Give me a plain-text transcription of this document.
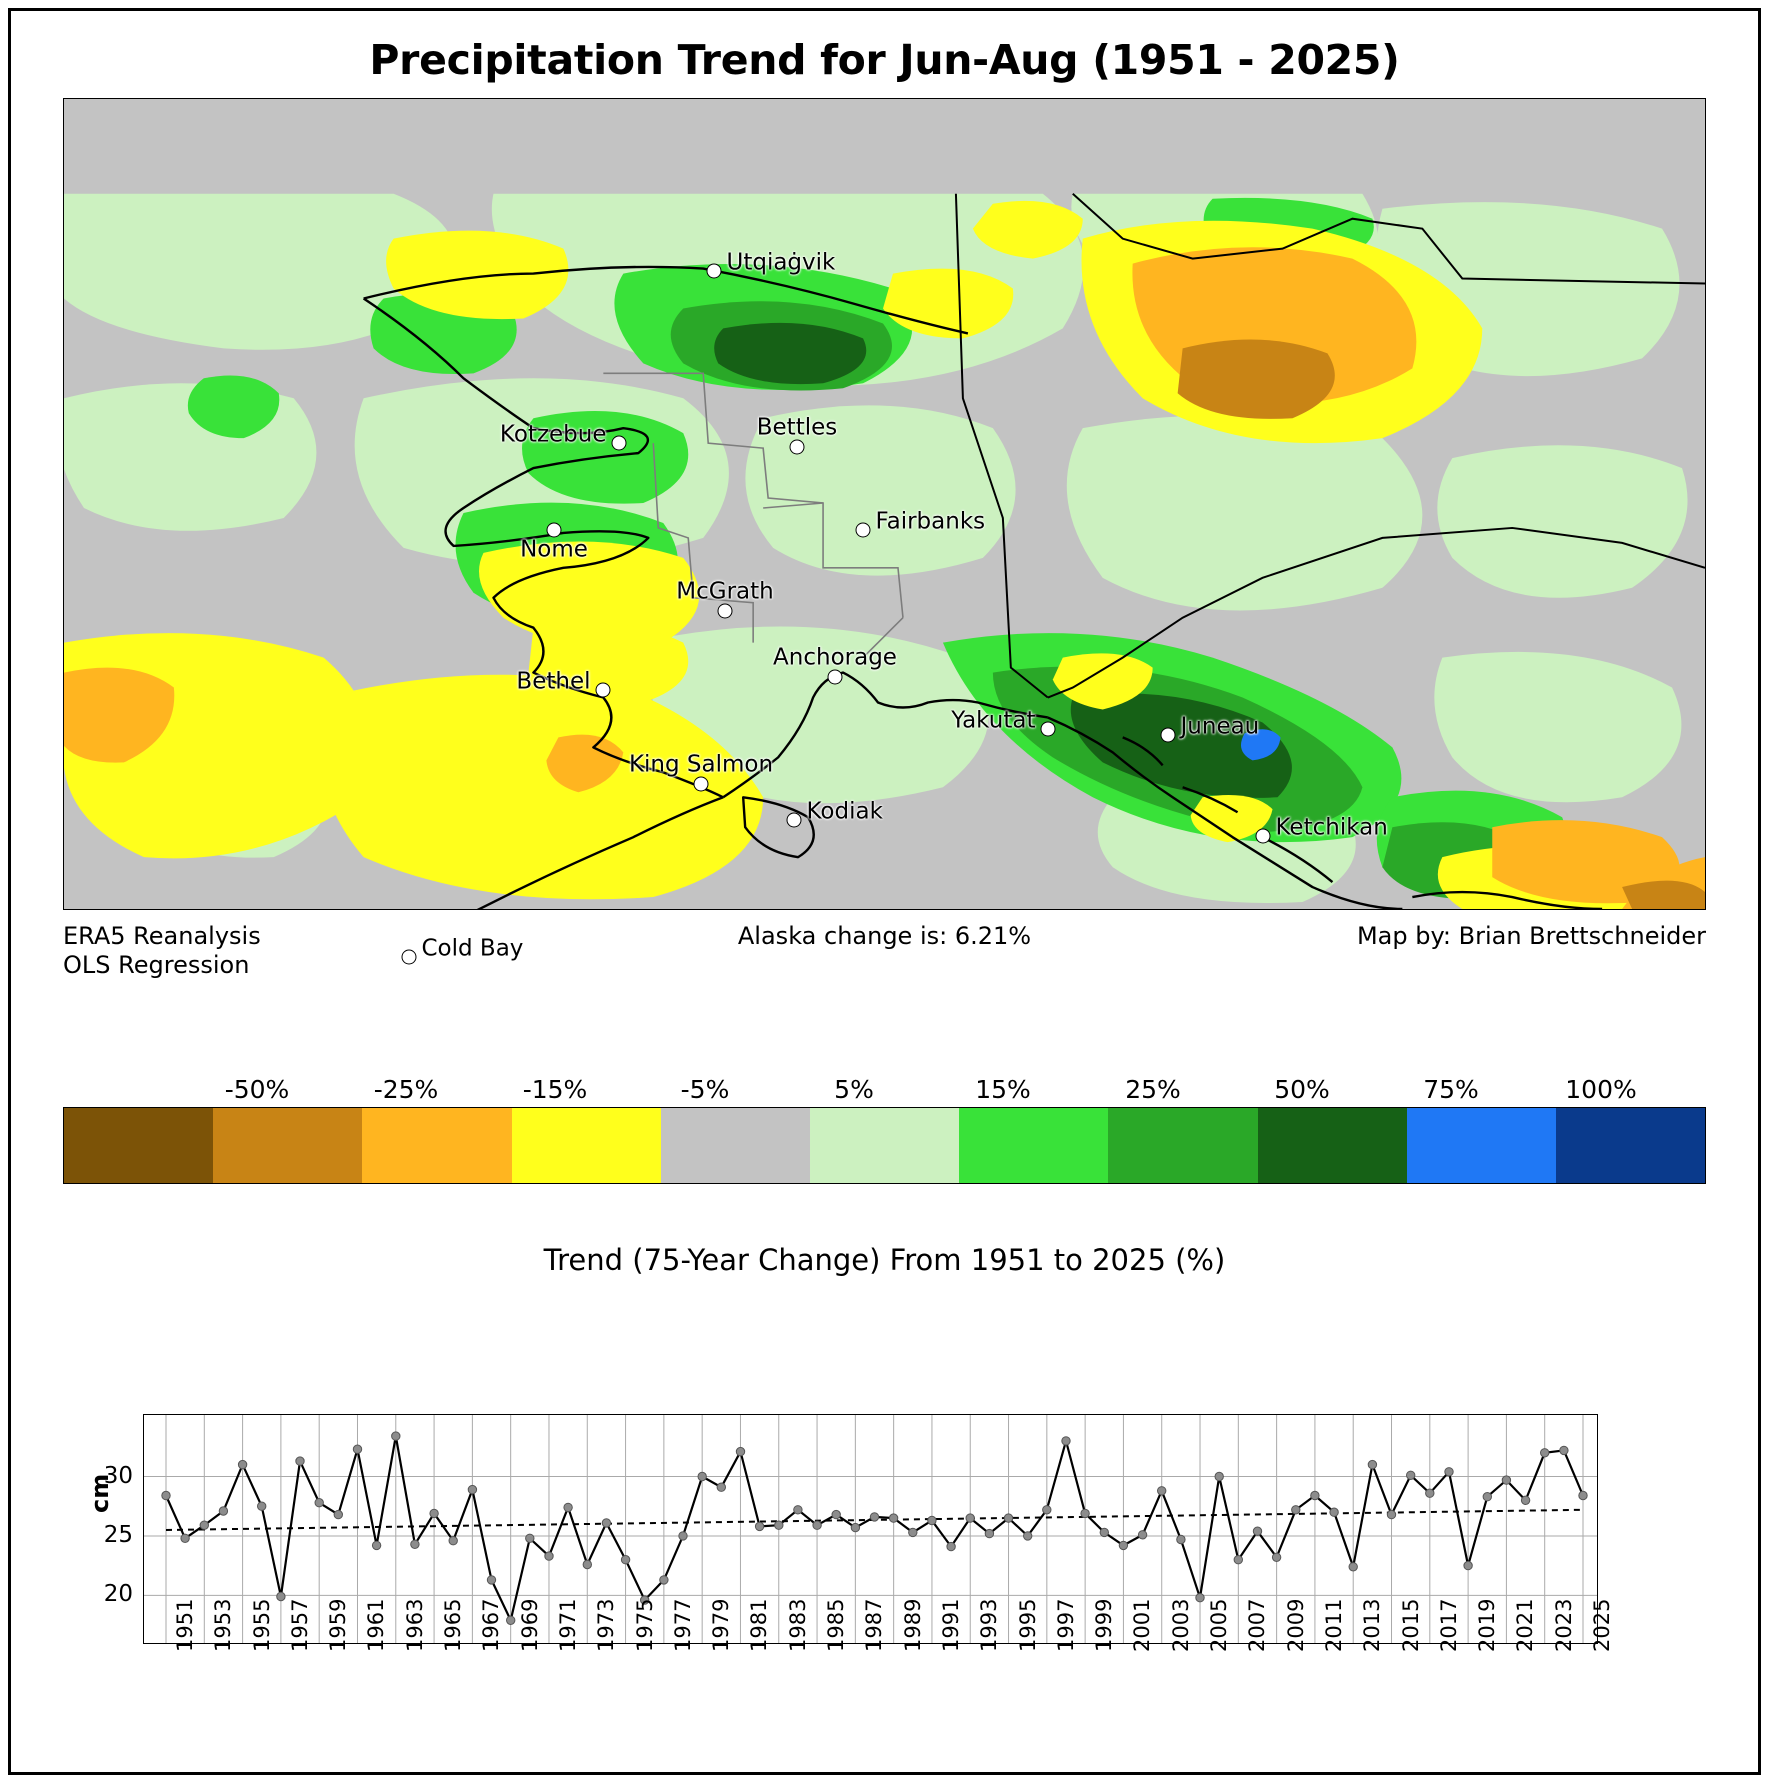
Precipitation Trend for Jun-Aug (1951 - 2025)
Utqiaġvik
Kotzebue	Bettles
Nome
Fairbanks
McGrath
Bethel
Anchorage
Yakutat	Juneau
King Salmon
Kodiak
Ketchikan
Cold Bay
ERA5 Reanalysis
OLS Regression
Alaska change is: 6.21%	Map by: Brian Brettschneider
-50%	-25%	-15%	-5%	5%	15%	25%	50%	75%	100%
Trend (75-Year Change) From 1951 to 2025 (%)
cm
20
25
30
1951 1953 1955 1957 1959 1961 1963 1965 1967 1969 1971 1973 1975 1977 1979 1981 1983 1985 1987 1989 1991 1993 1995 1997 1999 2001 2003 2005 2007 2009 2011 2013 2015 2017 2019 2021 2023 2025
